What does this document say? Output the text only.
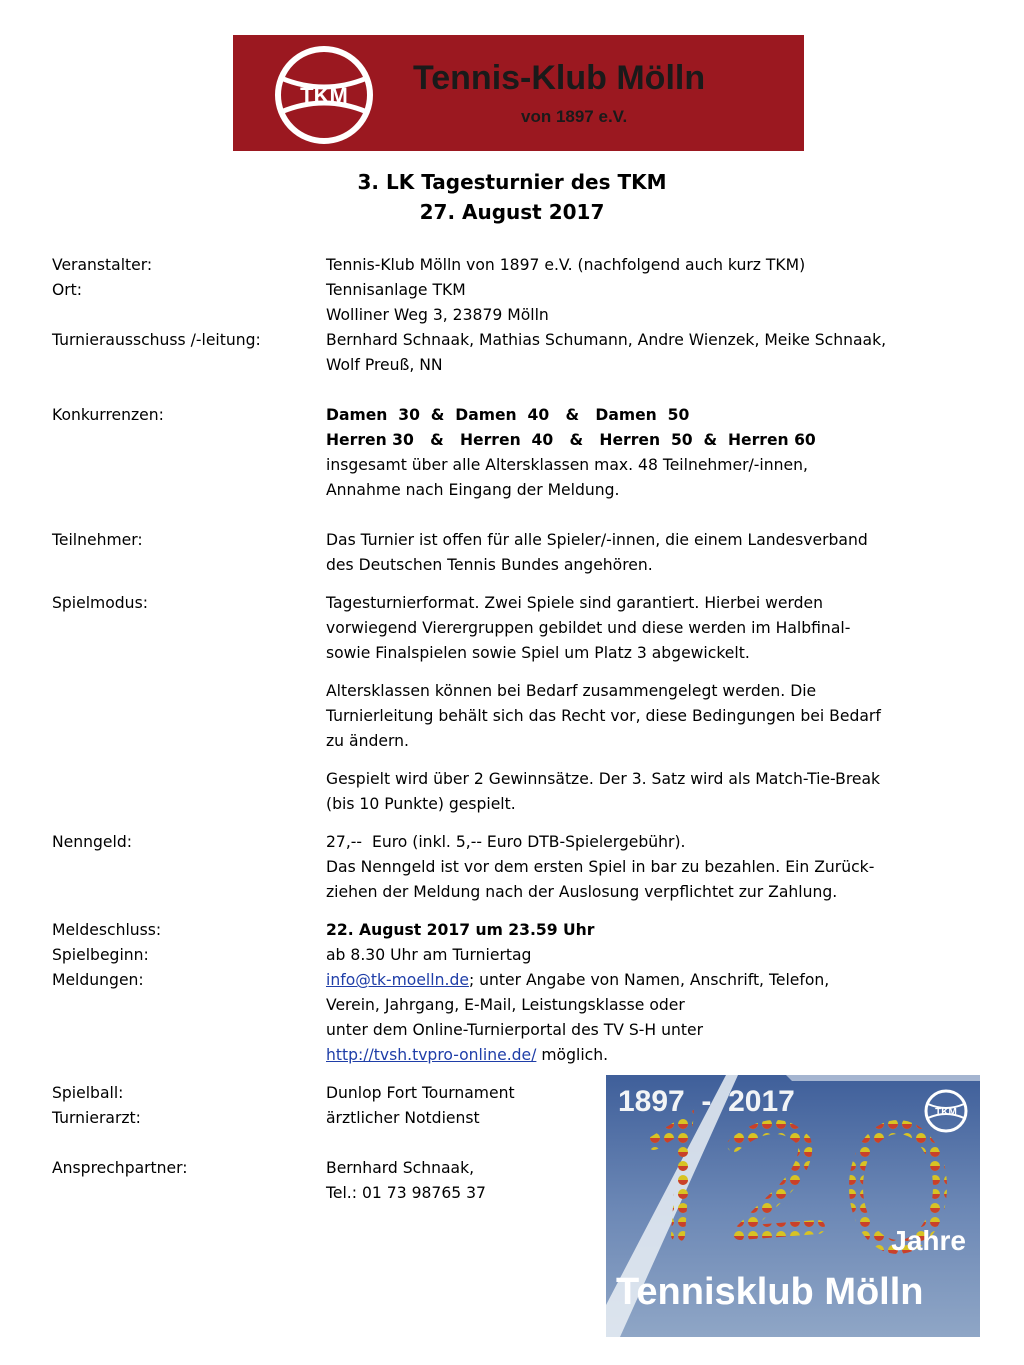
TKM Tennis-Klub Mölln
von 1897 e.V.
3. LK Tagesturnier des TKM
27. August 2017
Veranstalter:	Tennis-Klub Mölln von 1897 e.V. (nachfolgend auch kurz TKM)
Ort:	Tennisanlage TKM
Wolliner Weg 3, 23879 Mölln
Turnierausschuss /-leitung:	Bernhard Schnaak, Mathias Schumann, Andre Wienzek, Meike Schnaak,
Wolf Preuß, NN
Konkurrenzen:	Damen  30  &  Damen  40   &   Damen  50
Herren 30   &   Herren  40   &   Herren  50  &  Herren 60
insgesamt über alle Altersklassen max. 48 Teilnehmer/-innen,
Annahme nach Eingang der Meldung.
Teilnehmer:	Das Turnier ist offen für alle Spieler/-innen, die einem Landesverband
des Deutschen Tennis Bundes angehören.
Spielmodus:	Tagesturnierformat. Zwei Spiele sind garantiert. Hierbei werden
vorwiegend Vierergruppen gebildet und diese werden im Halbfinal-
sowie Finalspielen sowie Spiel um Platz 3 abgewickelt.
Altersklassen können bei Bedarf zusammengelegt werden. Die
Turnierleitung behält sich das Recht vor, diese Bedingungen bei Bedarf
zu ändern.
Gespielt wird über 2 Gewinnsätze. Der 3. Satz wird als Match-Tie-Break
(bis 10 Punkte) gespielt.
Nenngeld:	27,--  Euro (inkl. 5,-- Euro DTB-Spielergebühr).
Das Nenngeld ist vor dem ersten Spiel in bar zu bezahlen. Ein Zurück-
ziehen der Meldung nach der Auslosung verpflichtet zur Zahlung.
Meldeschluss:	22. August 2017 um 23.59 Uhr
Spielbeginn:	ab 8.30 Uhr am Turniertag
Meldungen:	info@tk-moelln.de; unter Angabe von Namen, Anschrift, Telefon,
Verein, Jahrgang, E-Mail, Leistungsklasse oder
unter dem Online-Turnierportal des TV S-H unter
http://tvsh.tvpro-online.de/ möglich.
Spielball:	Dunlop Fort Tournament
Turnierarzt:	ärztlicher Notdienst
Ansprechpartner:	Bernhard Schnaak,
Tel.: 01 73 98765 37
TKM
1897  -  2017
Jahre
Tennisklub Mölln
